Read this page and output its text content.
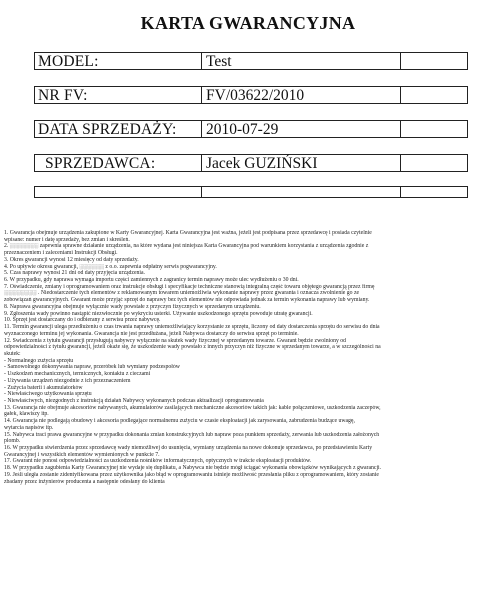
KARTA GWARANCYJNA
MODEL:	Test
NR FV:	FV/03622/2010
DATA SPRZEDAŻY:	2010-07-29
SPRZEDAWCA:	Jacek GUZIŃSKI
1. Gwarancja obejmuje urządzenia zakupione w Karty Gwarancyjnej. Karta Gwarancyjna jest ważna, jeżeli jest podpisana przez sprzedawcę i posiada czytelnie
wpisane: numer i datę sprzedaży, bez zmian i skreśleń.
2. ░░░░░░░ zapewnia sprawne działanie urządzenia, na które wydana jest niniejsza Karta Gwarancyjna pod warunkiem korzystania z urządzenia zgodnie z
przeznaczeniem i zaleceniami Instrukcji Obsługi.
3. Okres gwarancji wynosi 12 miesięcy od daty sprzedaży.
4. Po upływie okresu gwarancji, ░░░░░░ z o.o. zapewnia odpłatny serwis pogwarancyjny.
5. Czas naprawy wynosi 21 dni od daty przyjęcia urządzenia.
6. W przypadku, gdy naprawa wymaga importu części zamiennych z zagranicy termin naprawy może ulec wydłużeniu o 30 dni.
7. Oświadczenie, zmiany i oprogramowaniem oraz instrukcje obsługi i specyfikacje techniczne stanowią integralną część towaru objętego gwarancją przez firmę
░░░░░░░░ . Niedostarczenie tych elementów z reklamowanym towarem uniemożliwia wykonanie naprawy przez gwaranta i oznacza zwolnienie go ze
zobowiązań gwarancyjnych. Gwarant może przyjąć sprzęt do naprawy bez tych elementów nie odpowiada jednak za termin wykonania naprawy lub wymiany.
8. Naprawa gwarancyjna obejmuje wyłącznie wady powstałe z przyczyn fizycznych w sprzedanym urządzeniu.
9. Zgłoszenia wady powinno nastąpić niezwłocznie po wykryciu usterki. Używanie uszkodzonego sprzętu powoduje utratę gwarancji.
10. Sprzęt jest dostarczany do i odbierany z serwisu przez nabywcę.
11. Termin gwarancji ulega przedłużeniu o czas trwania naprawy uniemożliwiający korzystanie ze sprzętu, liczony od daty dostarczenia sprzętu do serwisu do dnia
wyznaczonego terminu jej wykonania. Gwarancja nie jest przedłużana, jeżeli Nabywca dostarczy do serwisu sprzęt po terminie.
12. Świadczenia z tytułu gwarancji przysługują nabywcy wyłącznie na skutek wady fizycznej w sprzedanym towarze. Gwarant będzie zwolniony od
odpowiedzialności z tytułu gwarancji, jeżeli okaże się, że uszkodzenie wady powstało z innych przyczyn niż fizyczne w sprzedanym towarze, a w szczególności na
skutek:
- Normalnego zużycia sprzętu
- Samowolnego dokonywania napraw, przeróbek lub wymiany podzespołów
- Uszkodzeń mechanicznych, termicznych, kontaktu z cieczami
- Używania urządzeń niezgodnie z ich przeznaczeniem
- Zużycia baterii i akumulatorków
- Niewłaściwego użytkowania sprzętu
- Niewłaściwych, niezgodnych z instrukcją działań Nabywcy wykonanych podczas aktualizacji oprogramowania
13. Gwarancja nie obejmuje akcesoriów nabywanych, akumulatorów zasilających mechaniczne akcesoriów takich jak: kable połączeniowe, uszkodzenia zaczepów,
gałek, klawiszy itp.
14. Gwarancja nie podlegają obudowy i akcesoria podlegające normalnemu zużyciu w czasie eksploatacji jak zarysowania, zabrudzenia budzące uwagę,
wytarcia napisów itp.
15. Nabywca traci prawa gwarancyjne w przypadku dokonania zmian konstrukcyjnych lub napraw poza punktem sprzedaży, zerwania lub uszkodzenia założonych
plomb.
16. W przypadku stwierdzenia przez sprzedawcę wady niemożliwej do usunięcia, wymiany urządzenia na nowe dokonuje sprzedawca, po przedstawieniu Karty
Gwarancyjnej i wszystkich elementów wymienionych w punkcie 7.
17. Gwarant nie ponosi odpowiedzialności za uszkodzenia nośników informatycznych, optycznych w trakcie eksploatacji produktów.
18. W przypadku zagubienia Karty Gwarancyjnej nie wydaje się duplikatu, a Nabywca nie będzie mógł ściągać wykonania obowiązków wynikających z gwarancji.
19. Jeśli uległa zostanie zidentyfikowana przez użytkownika jako błąd w oprogramowaniu istnieje możliwość przesłania pliku z oprogramowaniem, który zostanie
zbadany przez inżynierów producenta a następnie odesłany do klienta
